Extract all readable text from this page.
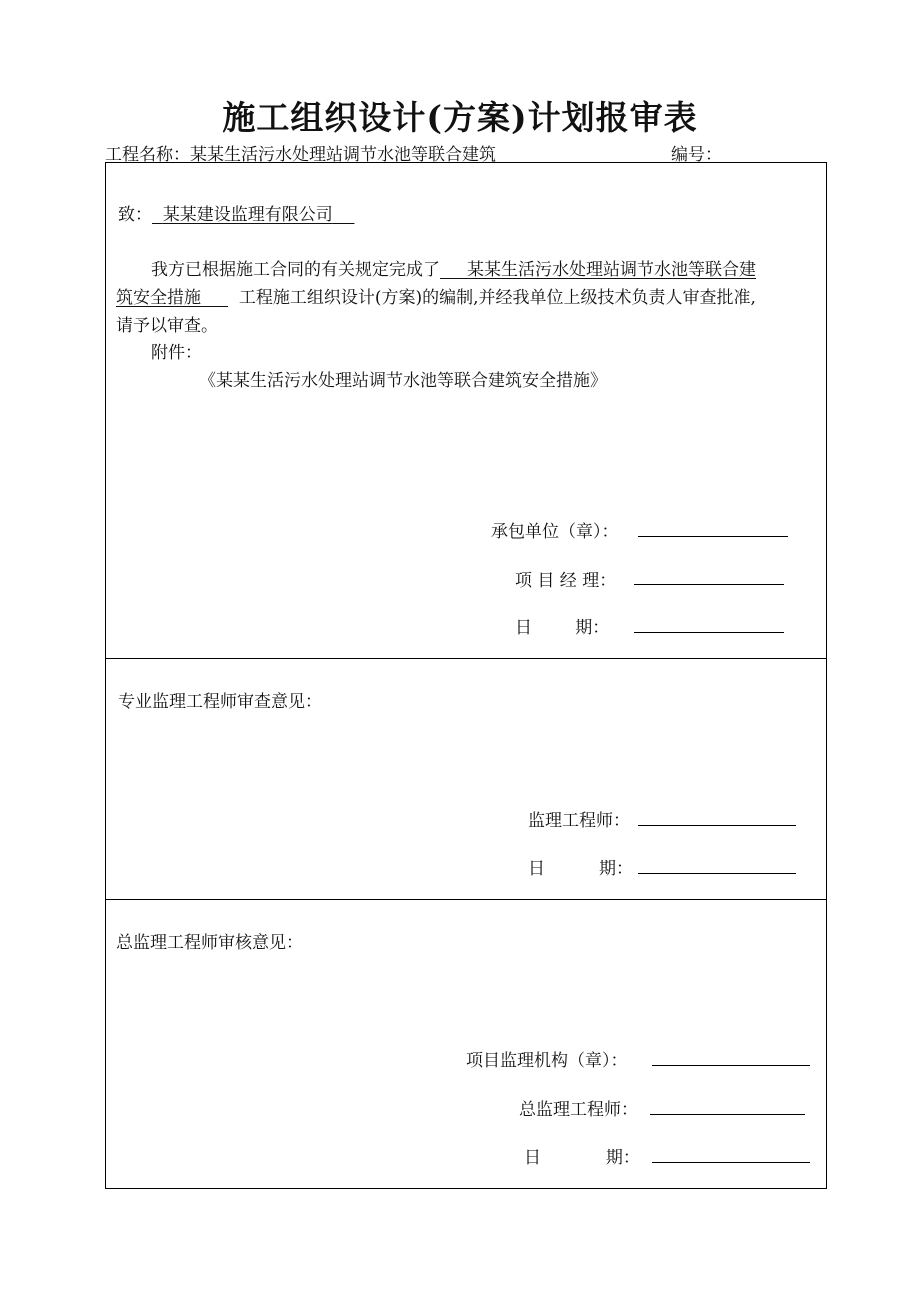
施工组织设计(方案)计划报审表
工程名称：某某生活污水处理站调节水池等联合建筑	编号：
致： 某某建设监理有限公司
我方已根据施工合同的有关规定完成了 某某生活污水处理站调节水池等联合建
筑安全措施 工程施工组织设计(方案)的编制,并经我单位上级技术负责人审查批准,
请予以审查。
附件：
《某某生活污水处理站调节水池等联合建筑安全措施》
承包单位（章）：
项 目 经 理：
日        期：
专业监理工程师审查意见：
监理工程师：
日          期：
总监理工程师审核意见：
项目监理机构（章）：
总监理工程师：
日            期：
